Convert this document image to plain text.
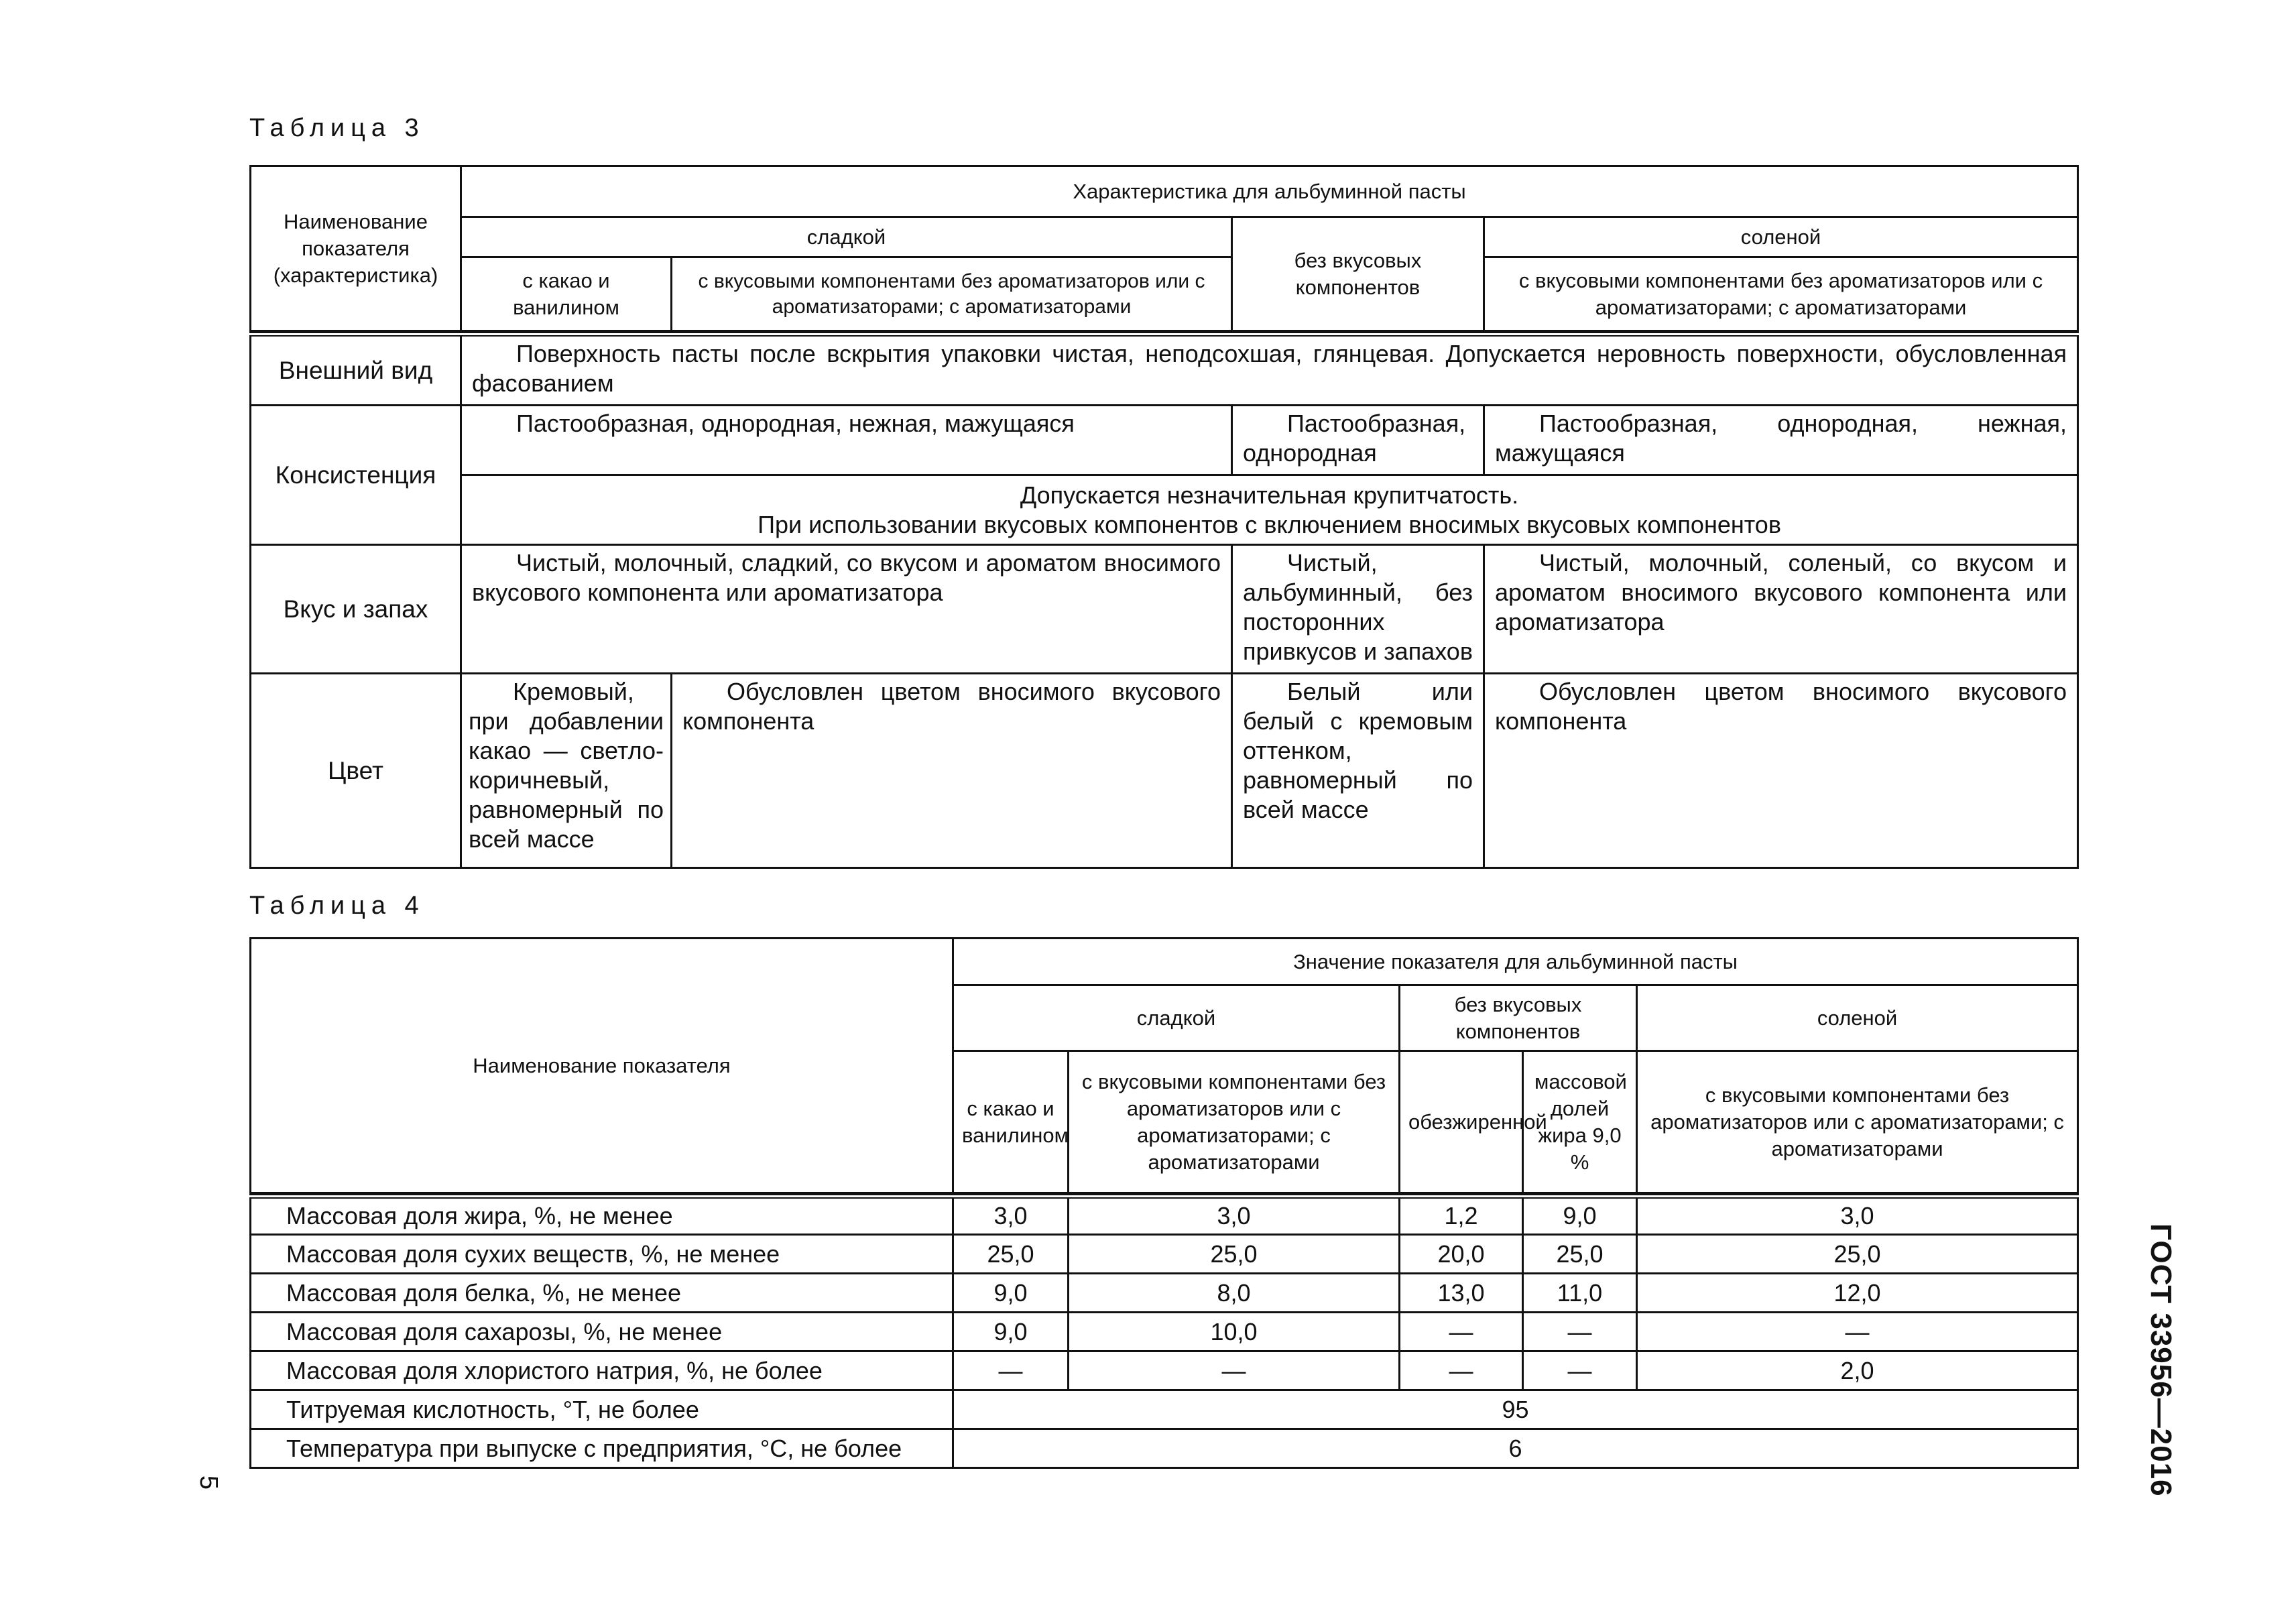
Таблица 3
Наименование показателя (характеристика)	Характеристика для альбуминной пасты			
	сладкой		без вкусовых компонентов	соленой
	с какао и ванилином	с вкусовыми компонентами без ароматизаторов или с ароматизаторами; с ароматизаторами		с вкусовыми компонентами без ароматизаторов или с ароматизаторами; с ароматизаторами

Внешний вид	Поверхность пасты после вскрытия упаковки чистая, неподсохшая, глянцевая. Допускается неровность поверхности, обусловленная фасованием			

Консистенция	Пастообразная, однородная, нежная, мажущаяся		Пастообразная, однородная	Пастообразная, однородная, нежная, мажущаяся

	Допускается незначительная крупитчатость.
При использовании вкусовых компонентов с включением вносимых вкусовых компонентов			

Вкус и запах	Чистый, молочный, сладкий, со вкусом и ароматом вносимого вкусового компонента или ароматизатора		Чистый, альбуминный, без посторонних привкусов и запахов	Чистый, молочный, соленый, со вкусом и ароматом вносимого вкусового компонента или ароматизатора

Цвет	Кремовый, при добавлении какао — светло-коричневый, равномерный по всей массе	Обусловлен цветом вносимого вкусового компонента	Белый или белый с кремовым оттенком, равномерный по всей массе	Обусловлен цветом вносимого вкусового компонента
Таблица 4
Наименование показателя	Значение показателя для альбуминной пасты				
	сладкой		без вкусовых компонентов		соленой
	с какао и ванилином	с вкусовыми компонентами без ароматизаторов или с ароматизаторами; с ароматизаторами	обезжиренной	массовой долей жира 9,0 %	с вкусовыми компонентами без ароматизаторов или с ароматизаторами; с ароматизаторами

Массовая доля жира, %, не менее	3,0	3,0	1,2	9,0	3,0
Массовая доля сухих веществ, %, не менее	25,0	25,0	20,0	25,0	25,0
Массовая доля белка, %, не менее	9,0	8,0	13,0	11,0	12,0
Массовая доля сахарозы, %, не менее	9,0	10,0	—	—	—
Массовая доля хлористого натрия, %, не более	—	—	—	—	2,0
Титруемая кислотность, °Т, не более	95				
Температура при выпуске с предприятия, °С, не более	6				
5	ГОСТ 33956—2016
